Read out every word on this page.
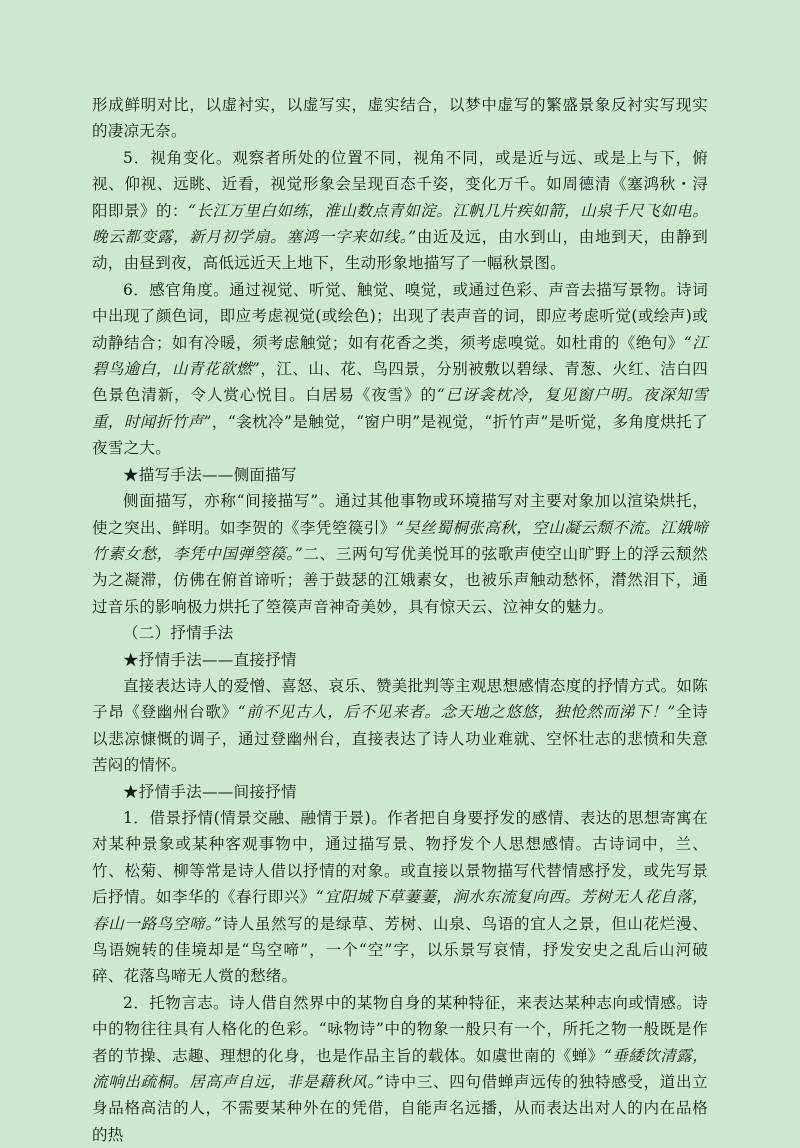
形成鲜明对比，以虚衬实，以虚写实，虚实结合，以梦中虚写的繁盛景象反衬实写现实的凄凉无奈。

5．视角变化。观察者所处的位置不同，视角不同，或是近与远、或是上与下，俯视、仰视、远眺、近看，视觉形象会呈现百态千姿，变化万千。如周德清《塞鸿秋・浔阳即景》的：“长江万里白如练，淮山数点青如淀。江帆几片疾如箭，山泉千尺飞如电。晚云都变露，新月初学扇。塞鸿一字来如线。”由近及远，由水到山，由地到天，由静到动，由昼到夜，高低远近天上地下，生动形象地描写了一幅秋景图。

6．感官角度。通过视觉、听觉、触觉、嗅觉，或通过色彩、声音去描写景物。诗词中出现了颜色词，即应考虑视觉(或绘色)；出现了表声音的词，即应考虑听觉(或绘声)或动静结合；如有冷暖，须考虑触觉；如有花香之类，须考虑嗅觉。如杜甫的《绝句》“江碧鸟逾白，山青花欲燃”，江、山、花、鸟四景，分别被敷以碧绿、青葱、火红、洁白四色景色清新，令人赏心悦目。白居易《夜雪》的“已讶衾枕冷，复见窗户明。夜深知雪重，时闻折竹声”，“衾枕冷”是触觉，“窗户明”是视觉，“折竹声”是听觉，多角度烘托了夜雪之大。

★描写手法——侧面描写

侧面描写，亦称“间接描写”。通过其他事物或环境描写对主要对象加以渲染烘托，使之突出、鲜明。如李贺的《李凭箜篌引》“吴丝蜀桐张高秋，空山凝云颓不流。江娥啼竹素女愁，李凭中国弹箜篌。”二、三两句写优美悦耳的弦歌声使空山旷野上的浮云颓然为之凝滞，仿佛在俯首谛听；善于鼓瑟的江娥素女，也被乐声触动愁怀，潸然泪下，通过音乐的影响极力烘托了箜篌声音神奇美妙，具有惊天云、泣神女的魅力。

（二）抒情手法

★抒情手法——直接抒情

直接表达诗人的爱憎、喜怒、哀乐、赞美批判等主观思想感情态度的抒情方式。如陈子昂《登幽州台歌》“前不见古人，后不见来者。念天地之悠悠，独怆然而涕下！”全诗以悲凉慷慨的调子，通过登幽州台，直接表达了诗人功业难就、空怀壮志的悲愤和失意苦闷的情怀。

★抒情手法——间接抒情

1．借景抒情(情景交融、融情于景)。作者把自身要抒发的感情、表达的思想寄寓在对某种景象或某种客观事物中，通过描写景、物抒发个人思想感情。古诗词中，兰、竹、松菊、柳等常是诗人借以抒情的对象。或直接以景物描写代替情感抒发，或先写景后抒情。如李华的《春行即兴》“宜阳城下草萋萋，涧水东流复向西。芳树无人花自落，春山一路鸟空啼。”诗人虽然写的是绿草、芳树、山泉、鸟语的宜人之景，但山花烂漫、鸟语婉转的佳境却是“鸟空啼”，一个“空”字，以乐景写哀情，抒发安史之乱后山河破碎、花落鸟啼无人赏的愁绪。

2．托物言志。诗人借自然界中的某物自身的某种特征，来表达某种志向或情感。诗中的物往往具有人格化的色彩。“咏物诗”中的物象一般只有一个，所托之物一般既是作者的节操、志趣、理想的化身，也是作品主旨的载体。如虞世南的《蝉》“垂緌饮清露，流响出疏桐。居高声自远，非是藉秋风。”诗中三、四句借蝉声远传的独特感受，道出立身品格高洁的人，不需要某种外在的凭借，自能声名远播，从而表达出对人的内在品格的热
